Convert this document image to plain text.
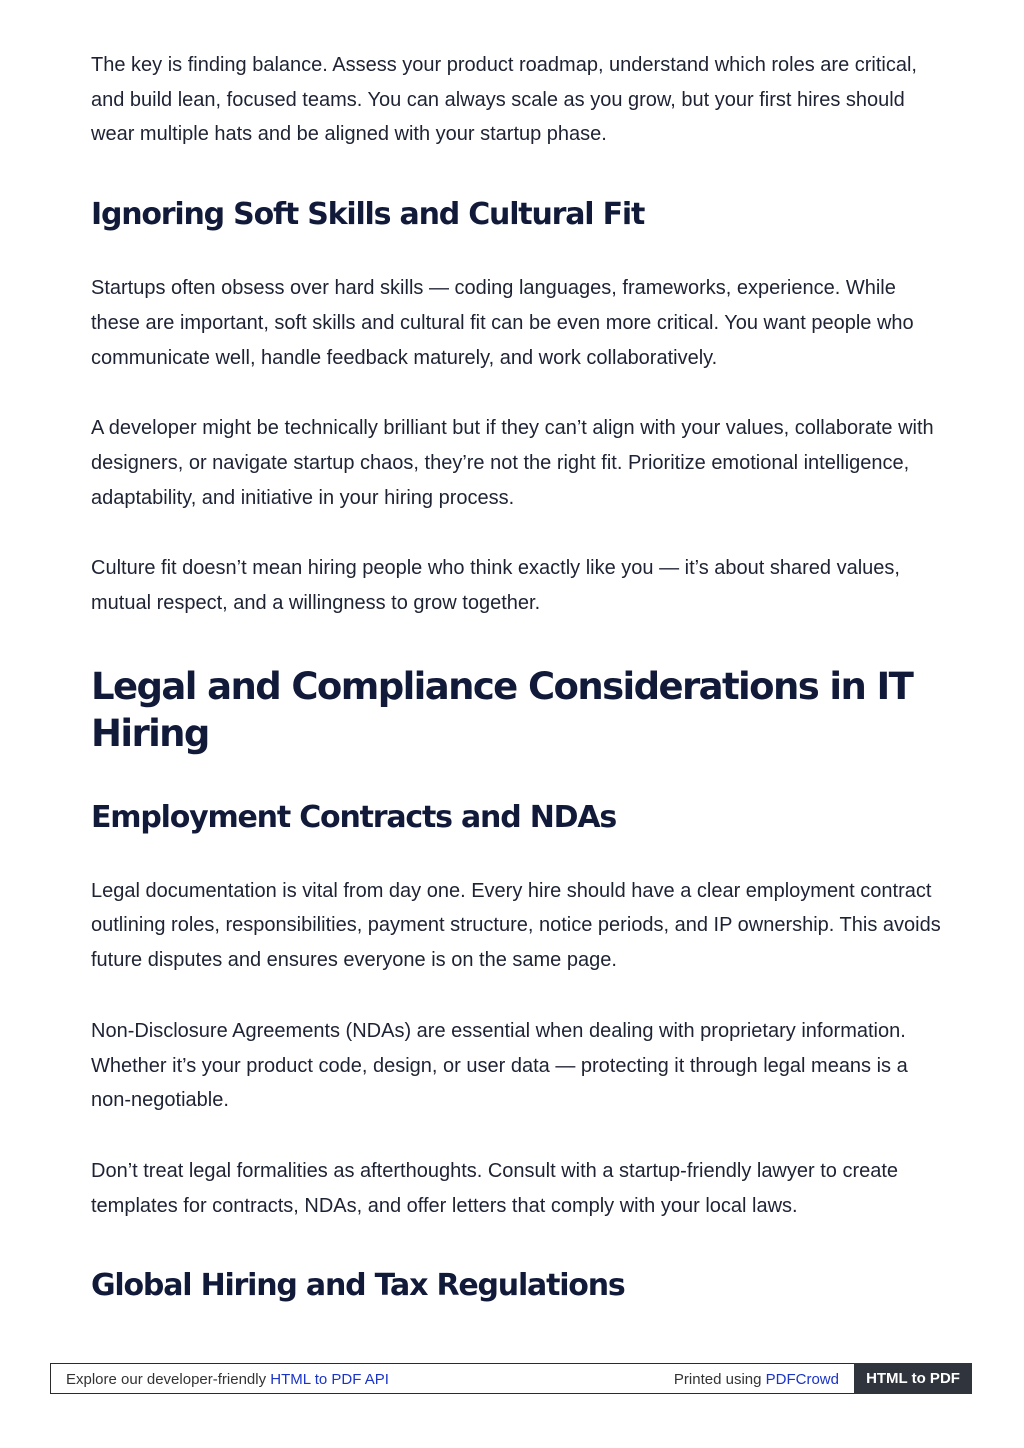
The key is finding balance. Assess your product roadmap, understand which roles are critical, and build lean, focused teams. You can always scale as you grow, but your first hires should wear multiple hats and be aligned with your startup phase.

Ignoring Soft Skills and Cultural Fit

Startups often obsess over hard skills — coding languages, frameworks, experience. While these are important, soft skills and cultural fit can be even more critical. You want people who communicate well, handle feedback maturely, and work collaboratively.

A developer might be technically brilliant but if they can’t align with your values, collaborate with designers, or navigate startup chaos, they’re not the right fit. Prioritize emotional intelligence, adaptability, and initiative in your hiring process.

Culture fit doesn’t mean hiring people who think exactly like you — it’s about shared values, mutual respect, and a willingness to grow together.

Legal and Compliance Considerations in IT Hiring
Employment Contracts and NDAs

Legal documentation is vital from day one. Every hire should have a clear employment contract outlining roles, responsibilities, payment structure, notice periods, and IP ownership. This avoids future disputes and ensures everyone is on the same page.

Non-Disclosure Agreements (NDAs) are essential when dealing with proprietary information. Whether it’s your product code, design, or user data — protecting it through legal means is a non-negotiable.

Don’t treat legal formalities as afterthoughts. Consult with a startup-friendly lawyer to create templates for contracts, NDAs, and offer letters that comply with your local laws.

Global Hiring and Tax Regulations
Explore our developer-friendly HTML to PDF API	Printed using PDFCrowd	HTML to PDF
